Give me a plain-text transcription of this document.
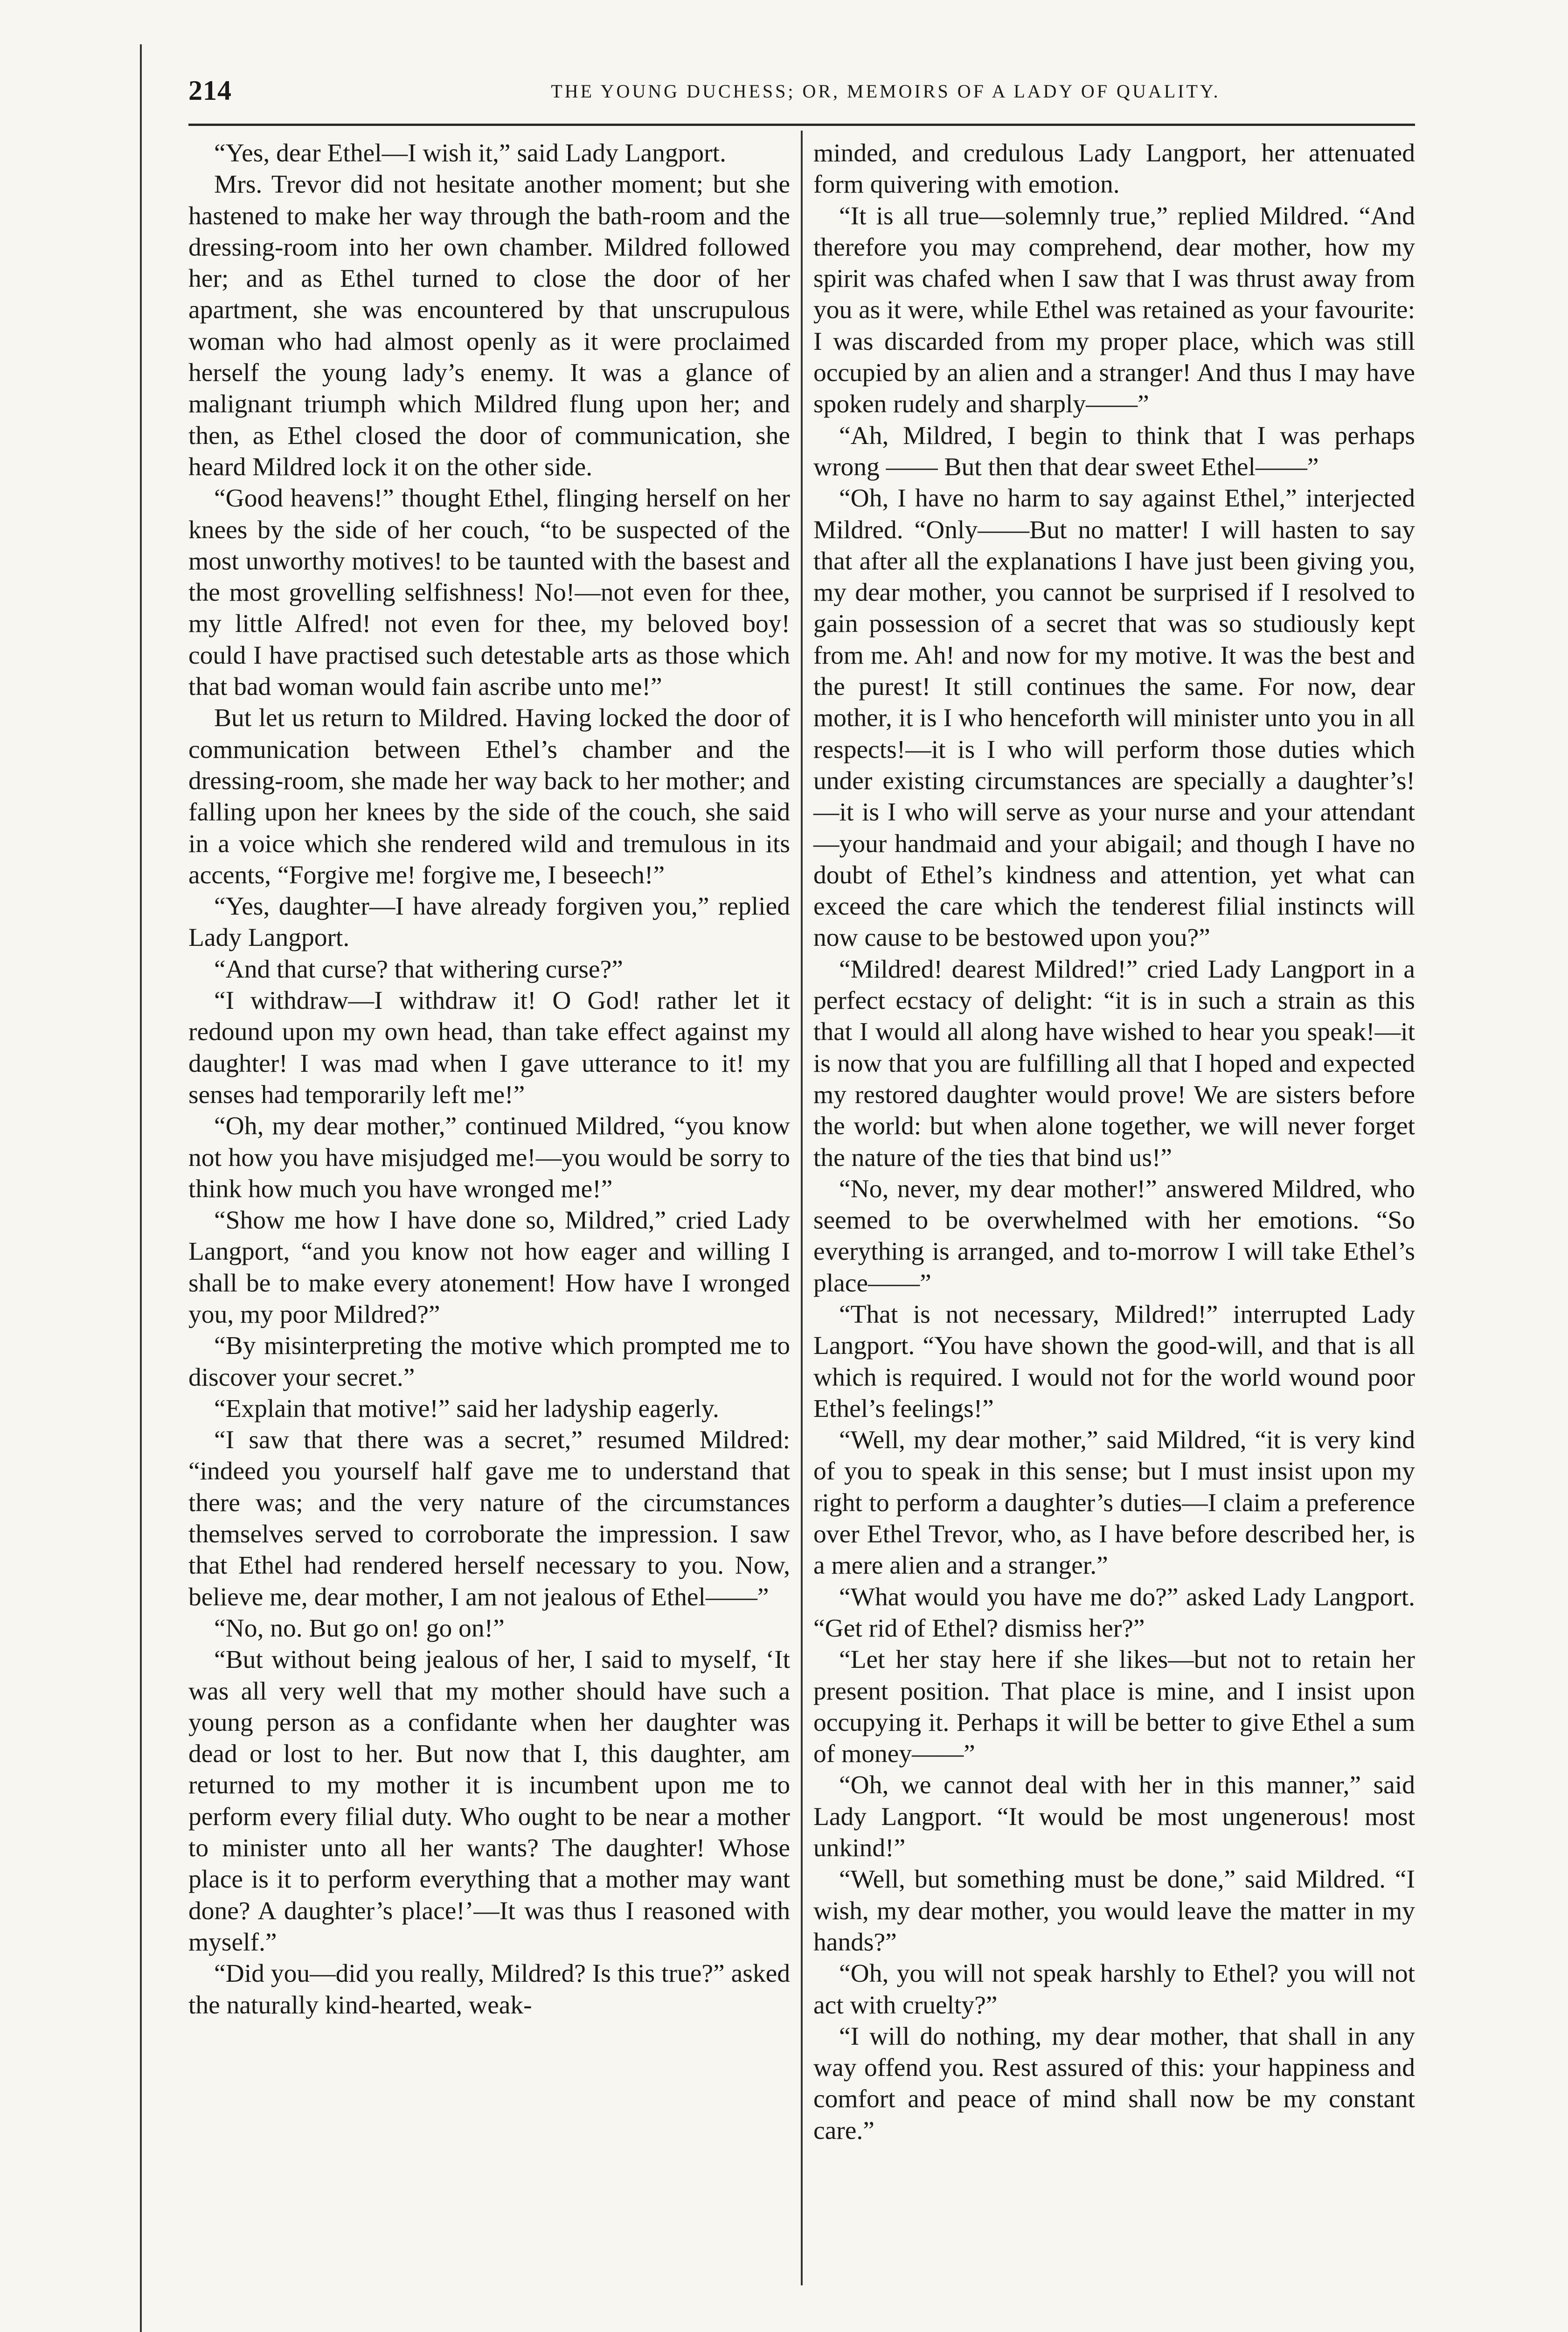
214	THE YOUNG DUCHESS; OR, MEMOIRS OF A LADY OF QUALITY.

“Yes, dear Ethel—I wish it,” said Lady Langport.

Mrs. Trevor did not hesitate another moment; but she hastened to make her way through the bath-room and the dressing-room into her own chamber. Mildred followed her; and as Ethel turned to close the door of her apartment, she was encountered by that unscrupulous woman who had almost openly as it were proclaimed herself the young lady’s enemy. It was a glance of malignant triumph which Mildred flung upon her; and then, as Ethel closed the door of communication, she heard Mildred lock it on the other side.

“Good heavens!” thought Ethel, flinging herself on her knees by the side of her couch, “to be suspected of the most unworthy motives! to be taunted with the basest and the most grovelling selfishness! No!—not even for thee, my little Alfred! not even for thee, my beloved boy! could I have practised such detestable arts as those which that bad woman would fain ascribe unto me!”

But let us return to Mildred. Having locked the door of communication between Ethel’s chamber and the dressing-room, she made her way back to her mother; and falling upon her knees by the side of the couch, she said in a voice which she rendered wild and tremulous in its accents, “Forgive me! forgive me, I beseech!”

“Yes, daughter—I have already forgiven you,” replied Lady Langport.

“And that curse? that withering curse?”

“I withdraw—I withdraw it! O God! rather let it redound upon my own head, than take effect against my daughter! I was mad when I gave utterance to it! my senses had temporarily left me!”

“Oh, my dear mother,” continued Mildred, “you know not how you have misjudged me!—you would be sorry to think how much you have wronged me!”

“Show me how I have done so, Mildred,” cried Lady Langport, “and you know not how eager and willing I shall be to make every atonement! How have I wronged you, my poor Mildred?”

“By misinterpreting the motive which prompted me to discover your secret.”

“Explain that motive!” said her ladyship eagerly.

“I saw that there was a secret,” resumed Mildred: “indeed you yourself half gave me to understand that there was; and the very nature of the circumstances themselves served to corroborate the impression. I saw that Ethel had rendered herself necessary to you. Now, believe me, dear mother, I am not jealous of Ethel——”

“No, no. But go on! go on!”

“But without being jealous of her, I said to myself, ‘It was all very well that my mother should have such a young person as a confidante when her daughter was dead or lost to her. But now that I, this daughter, am returned to my mother it is incumbent upon me to perform every filial duty. Who ought to be near a mother to minister unto all her wants? The daughter! Whose place is it to perform everything that a mother may want done? A daughter’s place!’—It was thus I reasoned with myself.”

“Did you—did you really, Mildred? Is this true?” asked the naturally kind-hearted, weak-

minded, and credulous Lady Langport, her attenuated form quivering with emotion.

“It is all true—solemnly true,” replied Mildred. “And therefore you may comprehend, dear mother, how my spirit was chafed when I saw that I was thrust away from you as it were, while Ethel was retained as your favourite: I was discarded from my proper place, which was still occupied by an alien and a stranger! And thus I may have spoken rudely and sharply——”

“Ah, Mildred, I begin to think that I was perhaps wrong —— But then that dear sweet Ethel——”

“Oh, I have no harm to say against Ethel,” interjected Mildred. “Only——But no matter! I will hasten to say that after all the explanations I have just been giving you, my dear mother, you cannot be surprised if I resolved to gain possession of a secret that was so studiously kept from me. Ah! and now for my motive. It was the best and the purest! It still continues the same. For now, dear mother, it is I who henceforth will minister unto you in all respects!—it is I who will perform those duties which under existing circumstances are specially a daughter’s!—it is I who will serve as your nurse and your attendant—your handmaid and your abigail; and though I have no doubt of Ethel’s kindness and attention, yet what can exceed the care which the tenderest filial instincts will now cause to be bestowed upon you?”

“Mildred! dearest Mildred!” cried Lady Langport in a perfect ecstacy of delight: “it is in such a strain as this that I would all along have wished to hear you speak!—it is now that you are fulfilling all that I hoped and expected my restored daughter would prove! We are sisters before the world: but when alone together, we will never forget the nature of the ties that bind us!”

“No, never, my dear mother!” answered Mildred, who seemed to be overwhelmed with her emotions. “So everything is arranged, and to-morrow I will take Ethel’s place——”

“That is not necessary, Mildred!” interrupted Lady Langport. “You have shown the good-will, and that is all which is required. I would not for the world wound poor Ethel’s feelings!”

“Well, my dear mother,” said Mildred, “it is very kind of you to speak in this sense; but I must insist upon my right to perform a daughter’s duties—I claim a preference over Ethel Trevor, who, as I have before described her, is a mere alien and a stranger.”

“What would you have me do?” asked Lady Langport. “Get rid of Ethel? dismiss her?”

“Let her stay here if she likes—but not to retain her present position. That place is mine, and I insist upon occupying it. Perhaps it will be better to give Ethel a sum of money——”

“Oh, we cannot deal with her in this manner,” said Lady Langport. “It would be most ungenerous! most unkind!”

“Well, but something must be done,” said Mildred. “I wish, my dear mother, you would leave the matter in my hands?”

“Oh, you will not speak harshly to Ethel? you will not act with cruelty?”

“I will do nothing, my dear mother, that shall in any way offend you. Rest assured of this: your happiness and comfort and peace of mind shall now be my constant care.”
